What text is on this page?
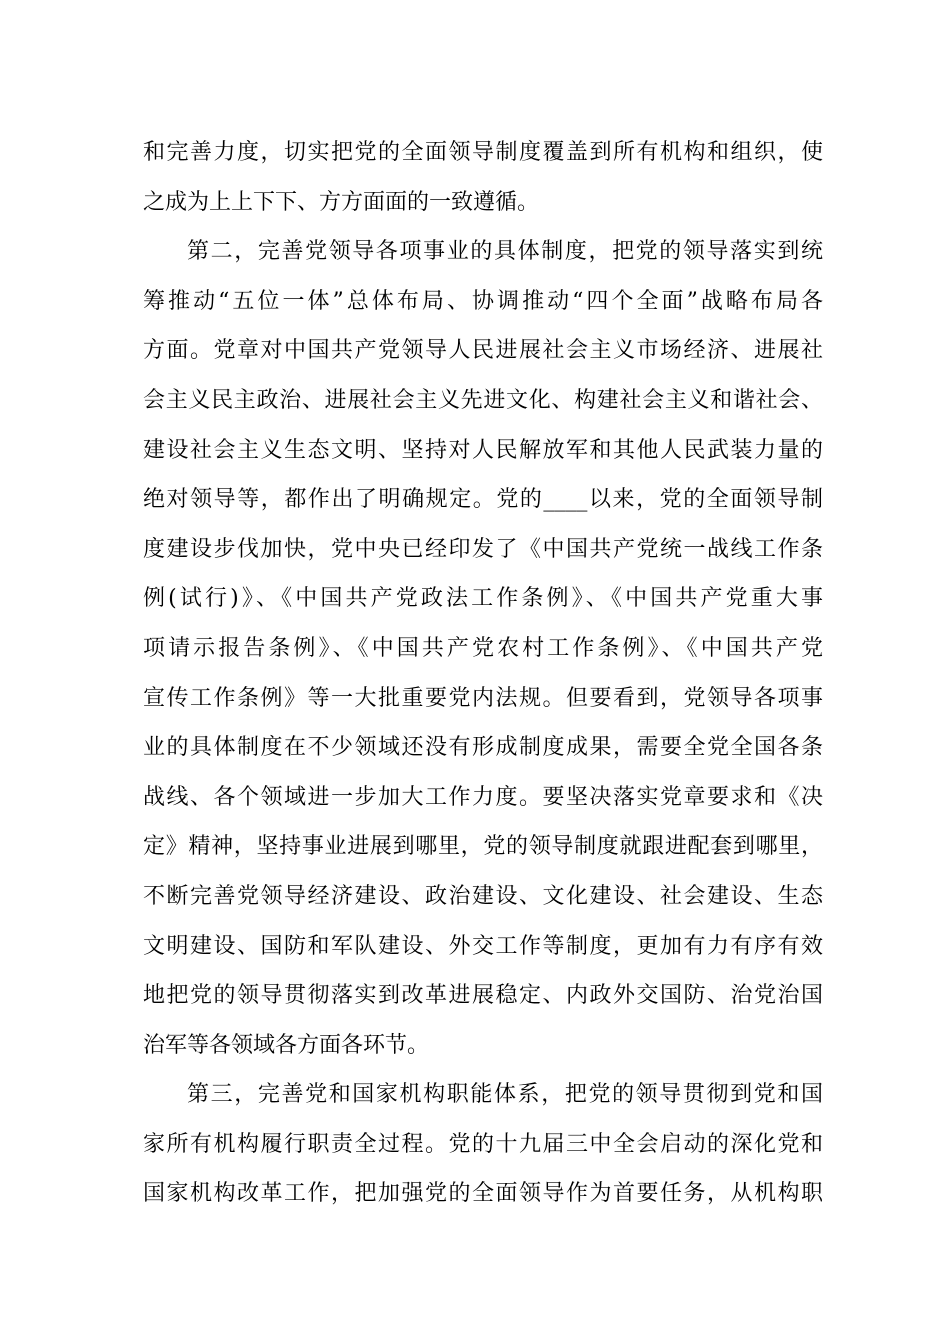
和完善力度，切实把党的全面领导制度覆盖到所有机构和组织，使
之成为上上下下、方方面面的一致遵循。
第二，完善党领导各项事业的具体制度，把党的领导落实到统
筹推动“五位一体”总体布局、协调推动“四个全面”战略布局各
方面。党章对中国共产党领导人民进展社会主义市场经济、进展社
会主义民主政治、进展社会主义先进文化、构建社会主义和谐社会、
建设社会主义生态文明、坚持对人民解放军和其他人民武装力量的
绝对领导等，都作出了明确规定。党的____以来，党的全面领导制
度建设步伐加快，党中央已经印发了《中国共产党统一战线工作条
例(试行)》、《中国共产党政法工作条例》、《中国共产党重大事
项请示报告条例》、《中国共产党农村工作条例》、《中国共产党
宣传工作条例》等一大批重要党内法规。但要看到，党领导各项事
业的具体制度在不少领域还没有形成制度成果，需要全党全国各条
战线、各个领域进一步加大工作力度。要坚决落实党章要求和《决
定》精神，坚持事业进展到哪里，党的领导制度就跟进配套到哪里，
不断完善党领导经济建设、政治建设、文化建设、社会建设、生态
文明建设、国防和军队建设、外交工作等制度，更加有力有序有效
地把党的领导贯彻落实到改革进展稳定、内政外交国防、治党治国
治军等各领域各方面各环节。
第三，完善党和国家机构职能体系，把党的领导贯彻到党和国
家所有机构履行职责全过程。党的十九届三中全会启动的深化党和
国家机构改革工作，把加强党的全面领导作为首要任务，从机构职
